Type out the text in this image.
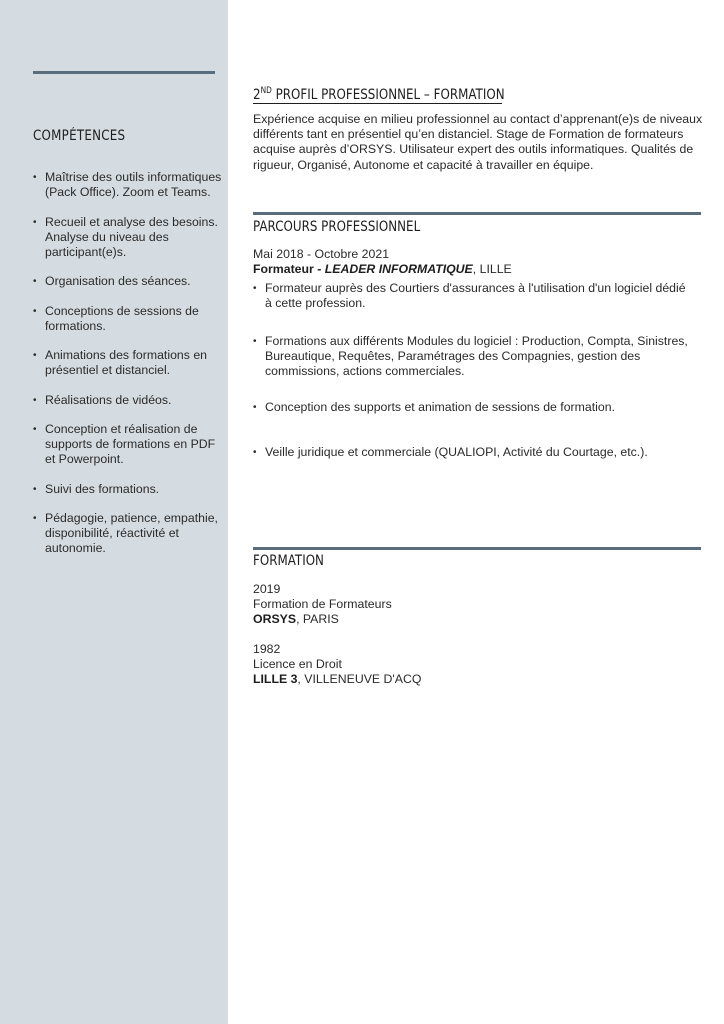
COMPÉTENCES
• Maîtrise des outils informatiques (Pack Office). Zoom et Teams.
• Recueil et analyse des besoins. Analyse du niveau des participant(e)s.
• Organisation des séances.
• Conceptions de sessions de formations.
• Animations des formations en présentiel et distanciel.
• Réalisations de vidéos.
• Conception et réalisation de supports de formations en PDF et Powerpoint.
• Suivi des formations.
• Pédagogie, patience, empathie, disponibilité, réactivité et autonomie.
2ND PROFIL PROFESSIONNEL – FORMATION
Expérience acquise en milieu professionnel au contact d’apprenant(e)s de niveaux différents tant en présentiel qu’en distanciel. Stage de Formation de formateurs acquise auprès d’ORSYS. Utilisateur expert des outils informatiques. Qualités de rigueur, Organisé, Autonome et capacité à travailler en équipe.
PARCOURS PROFESSIONNEL
Mai 2018 - Octobre 2021
Formateur - LEADER INFORMATIQUE, LILLE
• Formateur auprès des Courtiers d'assurances à l'utilisation d'un logiciel dédié à cette profession.
• Formations aux différents Modules du logiciel : Production, Compta, Sinistres, Bureautique, Requêtes, Paramétrages des Compagnies, gestion des commissions, actions commerciales.
• Conception des supports et animation de sessions de formation.
• Veille juridique et commerciale (QUALIOPI, Activité du Courtage, etc.).
FORMATION
2019
Formation de Formateurs
ORSYS, PARIS
1982
Licence en Droit
LILLE 3, VILLENEUVE D'ACQ
